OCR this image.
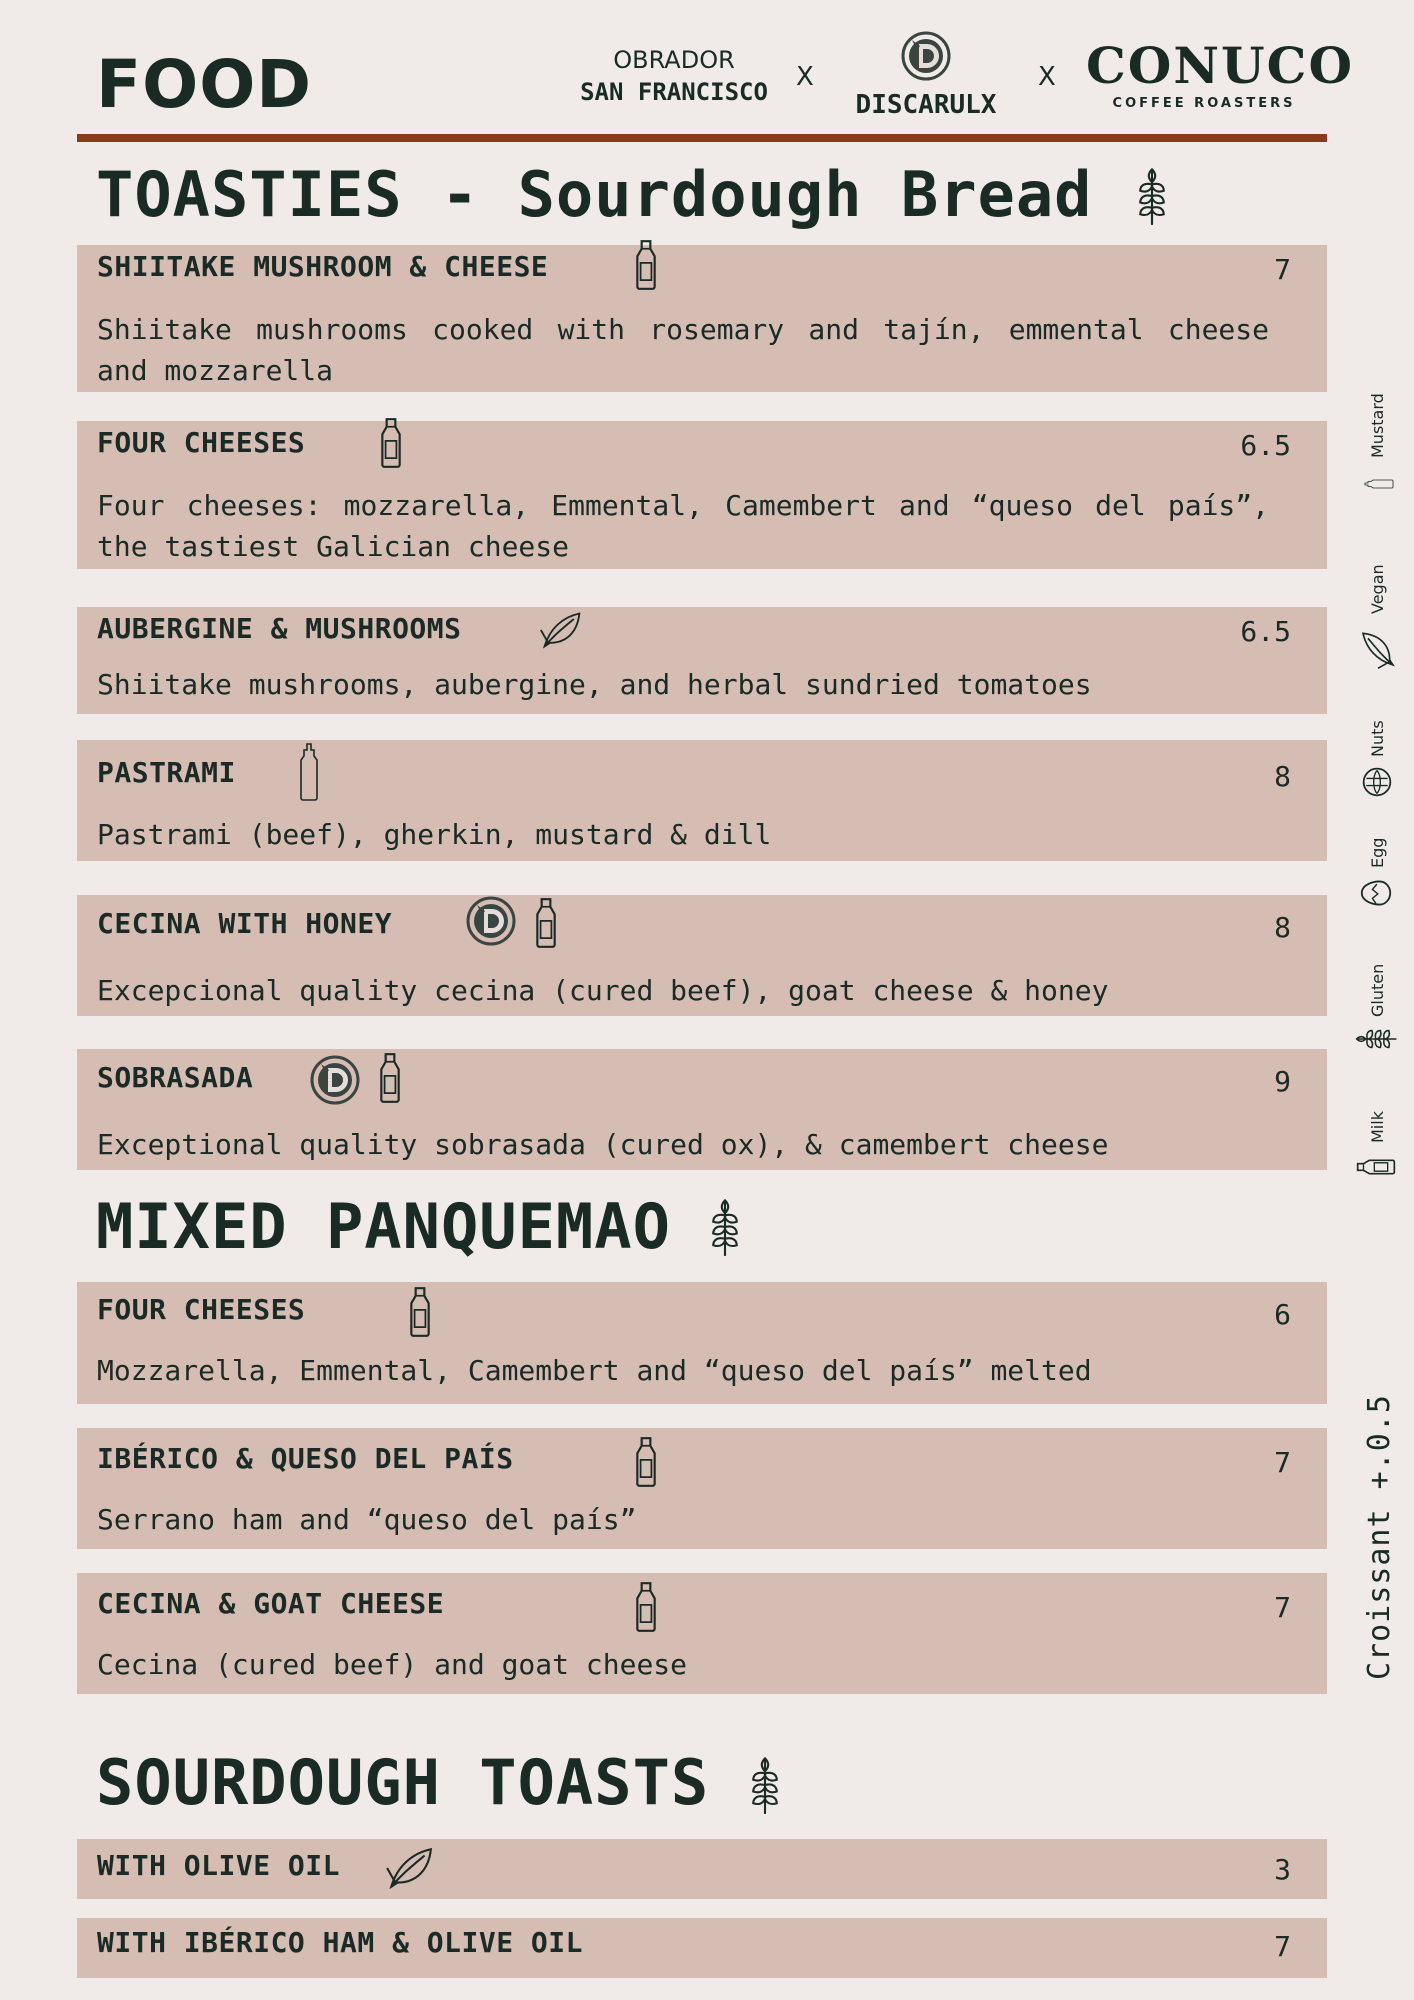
FOOD	OBRADOR
SAN FRANCISCO	X
DISCARULX
X CONUCO
COFFEE ROASTERS
TOASTIES - Sourdough Bread
SHIITAKE MUSHROOM & CHEESE	7
Shiitake mushrooms cooked with rosemary and tajín, emmental cheese and mozzarella
FOUR CHEESES	6.5
Four cheeses: mozzarella, Emmental, Camembert and “queso del país”, the tastiest Galician cheese
AUBERGINE & MUSHROOMS	6.5
Shiitake mushrooms, aubergine, and herbal sundried tomatoes
PASTRAMI	8
Pastrami (beef), gherkin, mustard & dill
CECINA WITH HONEY	8
Excepcional quality cecina (cured beef), goat cheese & honey
SOBRASADA	9
Exceptional quality sobrasada (cured ox), & camembert cheese
MIXED PANQUEMAO
FOUR CHEESES	6
Mozzarella, Emmental, Camembert and “queso del país” melted
IBÉRICO & QUESO DEL PAÍS	7
Serrano ham and “queso del país”
CECINA & GOAT CHEESE	7
Cecina (cured beef) and goat cheese
SOURDOUGH TOASTS
WITH OLIVE OIL	3
WITH IBÉRICO HAM & OLIVE OIL	7
Mustard
Vegan
Nuts
Egg
Gluten
Milk
Croissant +.0.5
